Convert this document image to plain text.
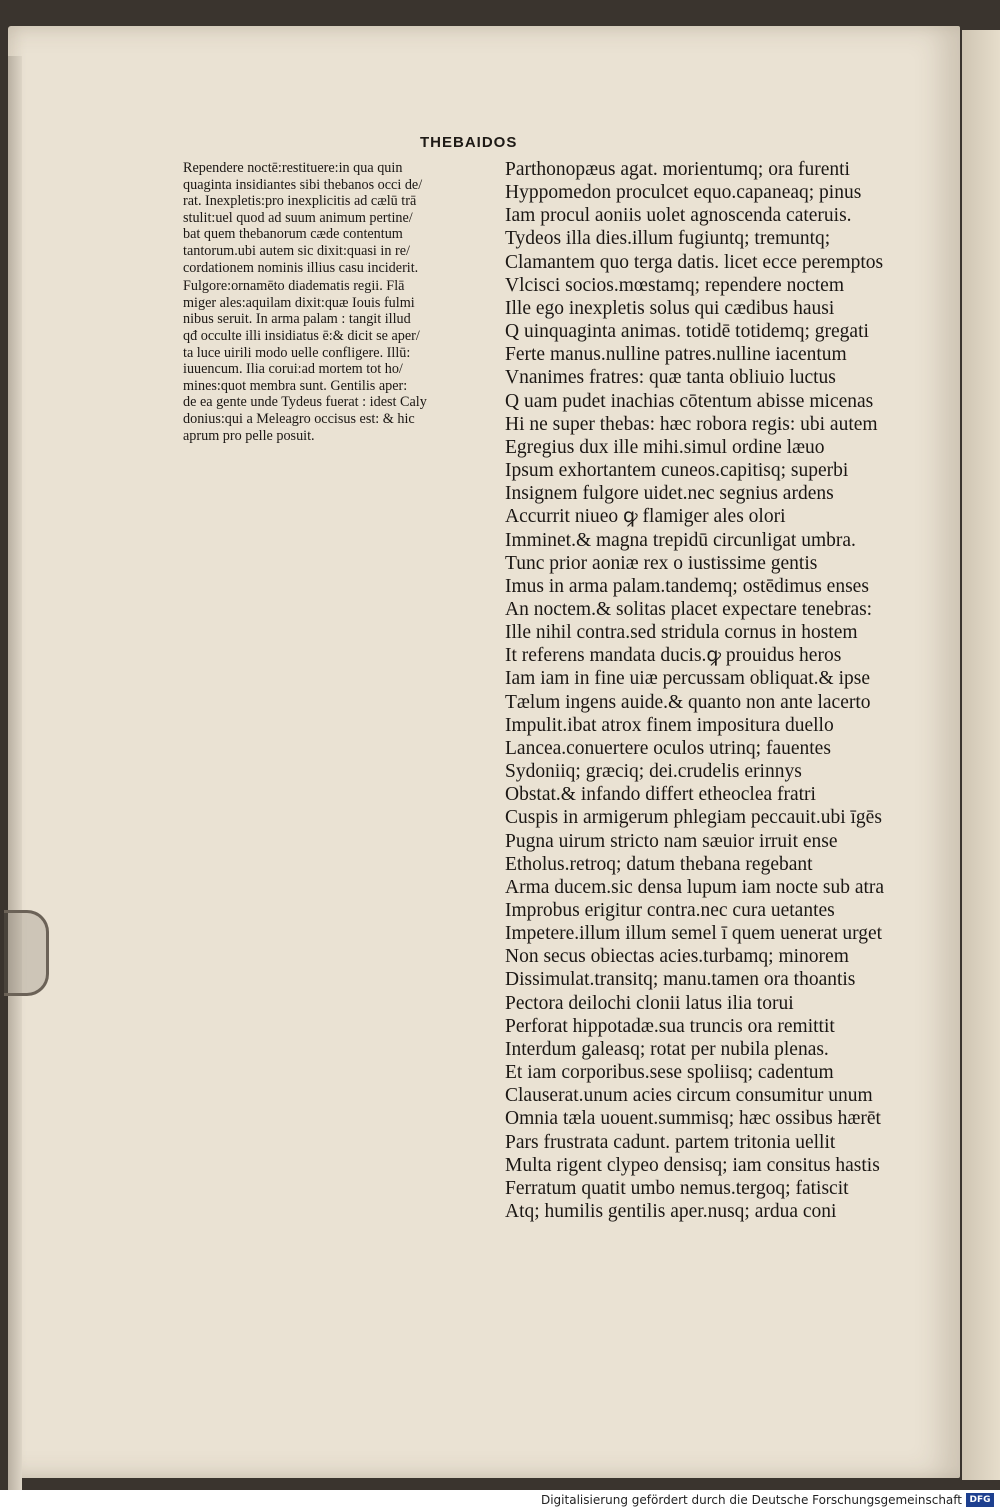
THEBAIDOS

Rependere noctē:restituere:in qua quin
quaginta insidiantes sibi thebanos occi de/
rat. Inexpletis:pro inexplicitis ad cælū trā
stulit:uel quod ad suum animum pertine/
bat quem thebanorum cæde contentum
tantorum.ubi autem sic dixit:quasi in re/
cordationem nominis illius casu inciderit.

Fulgore:ornamēto diadematis regii. Flā
miger ales:aquilam dixit:quæ Iouis fulmi
nibus seruit. In arma palam : tangit illud
qđ occulte illi insidiatus ē:& dicit se aper/
ta luce uirili modo uelle confligere. Illū:
iuuencum. Ilia corui:ad mortem tot ho/
mines:quot membra sunt. Gentilis aper:
de ea gente unde Tydeus fuerat : idest Caly
donius:qui a Meleagro occisus est: & hic
aprum pro pelle posuit.

Parthonopæus agat. morientumq; ora furenti
Hyppomedon proculcet equo.capaneaq; pinus
Iam procul aoniis uolet agnoscenda cateruis.
Tydeos illa dies.illum fugiuntq; tremuntq;
Clamantem quo terga datis. licet ecce peremptos
Vlcisci socios.mœstamq; rependere noctem
Ille ego inexpletis solus qui cædibus hausi
Q uinquaginta animas. totidē totidemq; gregati
Ferte manus.nulline patres.nulline iacentum
Vnanimes fratres: quæ tanta obliuio luctus
Q uam pudet inachias cōtentum abisse micenas
Hi ne super thebas: hæc robora regis: ubi autem
Egregius dux ille mihi.simul ordine læuo
Ipsum exhortantem cuneos.capitisq; superbi
Insignem fulgore uidet.nec segnius ardens
Accurrit niueo ꝙ flamiger ales olori
Imminet.& magna trepidū circunligat umbra.
Tunc prior aoniæ rex o iustissime gentis
Imus in arma palam.tandemq; ostēdimus enses
An noctem.& solitas placet expectare tenebras:
Ille nihil contra.sed stridula cornus in hostem
It referens mandata ducis.ꝙ prouidus heros
Iam iam in fine uiæ percussam obliquat.& ipse
Tælum ingens auide.& quanto non ante lacerto
Impulit.ibat atrox finem impositura duello
Lancea.conuertere oculos utrinq; fauentes
Sydoniiq; græciq; dei.crudelis erinnys
Obstat.& infando differt etheoclea fratri
Cuspis in armigerum phlegiam peccauit.ubi īgēs
Pugna uirum stricto nam sæuior irruit ense
Etholus.retroq; datum thebana regebant
Arma ducem.sic densa lupum iam nocte sub atra
Improbus erigitur contra.nec cura uetantes
Impetere.illum illum semel ī quem uenerat urget
Non secus obiectas acies.turbamq; minorem
Dissimulat.transitq; manu.tamen ora thoantis
Pectora deilochi clonii latus ilia torui
Perforat hippotadæ.sua truncis ora remittit
Interdum galeasq; rotat per nubila plenas.
Et iam corporibus.sese spoliisq; cadentum
Clauserat.unum acies circum consumitur unum
Omnia tæla uouent.summisq; hæc ossibus hærēt
Pars frustrata cadunt. partem tritonia uellit
Multa rigent clypeo densisq; iam consitus hastis
Ferratum quatit umbo nemus.tergoq; fatiscit
Atq; humilis gentilis aper.nusq; ardua coni
Digitalisierung gefördert durch die Deutsche Forschungsgemeinschaft DFG
